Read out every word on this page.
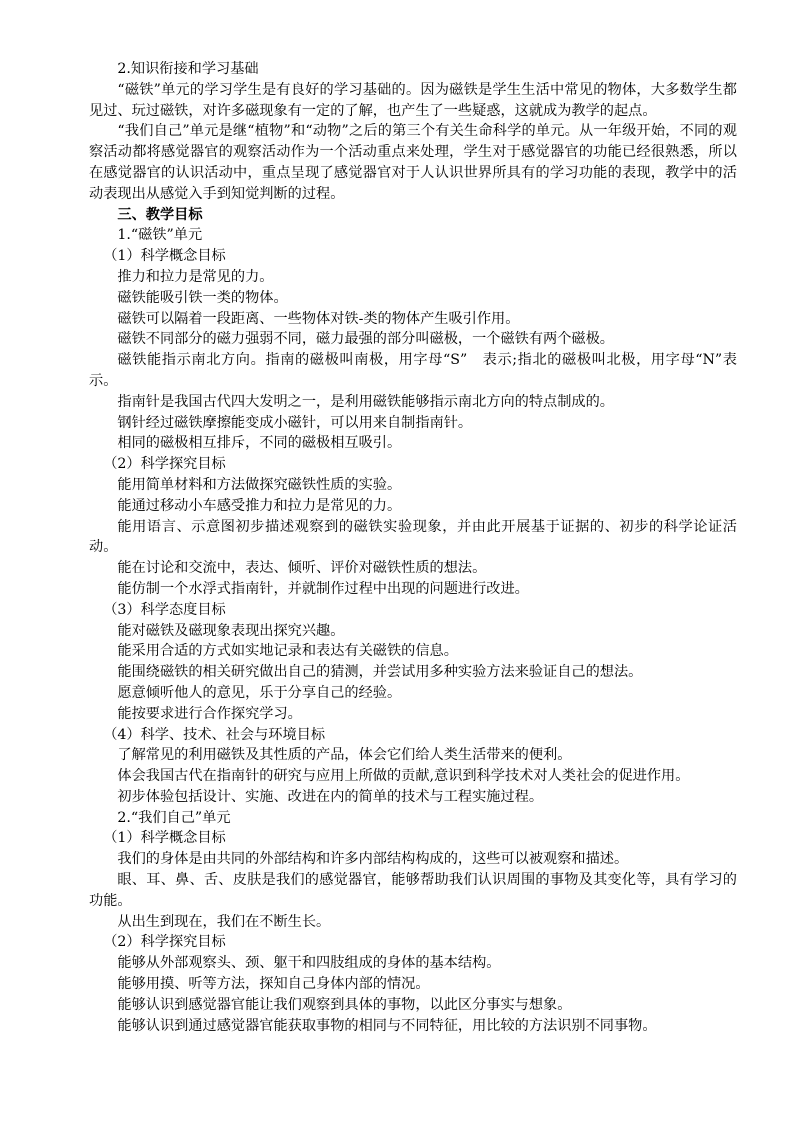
2.知识衔接和学习基础

“磁铁”单元的学习学生是有良好的学习基础的。因为磁铁是学生生活中常见的物体，大多数学生都见过、玩过磁铁，对许多磁现象有一定的了解，也产生了一些疑惑，这就成为教学的起点。

“我们自己”单元是继“植物”和“动物”之后的第三个有关生命科学的单元。从一年级开始，不同的观察活动都将感觉器官的观察活动作为一个活动重点来处理，学生对于感觉器官的功能已经很熟悉，所以在感觉器官的认识活动中，重点呈现了感觉器官对于人认识世界所具有的学习功能的表现，教学中的活动表现出从感觉入手到知觉判断的过程。

三、教学目标

1.“磁铁”单元

（1）科学概念目标

推力和拉力是常见的力。

磁铁能吸引铁一类的物体。

磁铁可以隔着一段距离、一些物体对铁-类的物体产生吸引作用。

磁铁不同部分的磁力强弱不同，磁力最强的部分叫磁极，一个磁铁有两个磁极。

磁铁能指示南北方向。指南的磁极叫南极，用字母“S”　表示;指北的磁极叫北极，用字母“N”表示。

指南针是我国古代四大发明之一，是利用磁铁能够指示南北方向的特点制成的。

钢针经过磁铁摩擦能变成小磁针，可以用来自制指南针。

相同的磁极相互排斥，不同的磁极相互吸引。

（2）科学探究目标

能用简单材料和方法做探究磁铁性质的实验。

能通过移动小车感受推力和拉力是常见的力。

能用语言、示意图初步描述观察到的磁铁实验现象，并由此开展基于证据的、初步的科学论证活动。

能在讨论和交流中，表达、倾听、评价对磁铁性质的想法。

能仿制一个水浮式指南针，并就制作过程中出现的问题进行改进。

（3）科学态度目标

能对磁铁及磁现象表现出探究兴趣。

能采用合适的方式如实地记录和表达有关磁铁的信息。

能围绕磁铁的相关研究做出自己的猜测，并尝试用多种实验方法来验证自己的想法。

愿意倾听他人的意见，乐于分享自己的经验。

能按要求进行合作探究学习。

（4）科学、技术、社会与环境目标

了解常见的利用磁铁及其性质的产品，体会它们给人类生活带来的便利。

体会我国古代在指南针的研究与应用上所做的贡献,意识到科学技术对人类社会的促进作用。

初步体验包括设计、实施、改进在内的简单的技术与工程实施过程。

2.“我们自己”单元

（1）科学概念目标

我们的身体是由共同的外部结构和许多内部结构构成的，这些可以被观察和描述。

眼、耳、鼻、舌、皮肤是我们的感觉器官，能够帮助我们认识周围的事物及其变化等，具有学习的功能。

从出生到现在，我们在不断生长。

（2）科学探究目标

能够从外部观察头、颈、躯干和四肢组成的身体的基本结构。

能够用摸、听等方法，探知自己身体内部的情况。

能够认识到感觉器官能让我们观察到具体的事物，以此区分事实与想象。

能够认识到通过感觉器官能获取事物的相同与不同特征，用比较的方法识别不同事物。
